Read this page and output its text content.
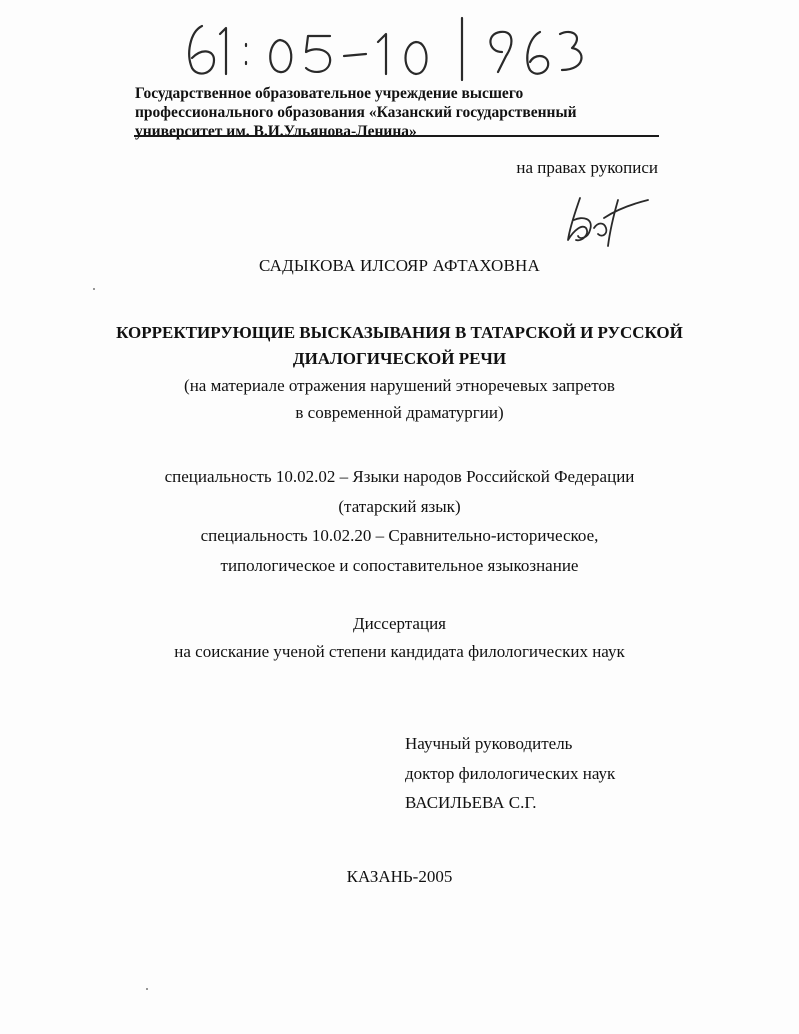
Государственное образовательное учреждение высшего профессионального образования «Казанский государственный университет им. В.И.Ульянова-Ленина»
на правах рукописи
САДЫКОВА ИЛСОЯР АФТАХОВНА
КОРРЕКТИРУЮЩИЕ ВЫСКАЗЫВАНИЯ В ТАТАРСКОЙ И РУССКОЙ
ДИАЛОГИЧЕСКОЙ РЕЧИ
(на материале отражения нарушений этноречевых запретов
в современной драматургии)
специальность 10.02.02 – Языки народов Российской Федерации
(татарский язык)
специальность 10.02.20 – Сравнительно-историческое,
типологическое и сопоставительное языкознание
Диссертация
на соискание ученой степени кандидата филологических наук
Научный руководитель
доктор филологических наук
ВАСИЛЬЕВА С.Г.
КАЗАНЬ-2005
